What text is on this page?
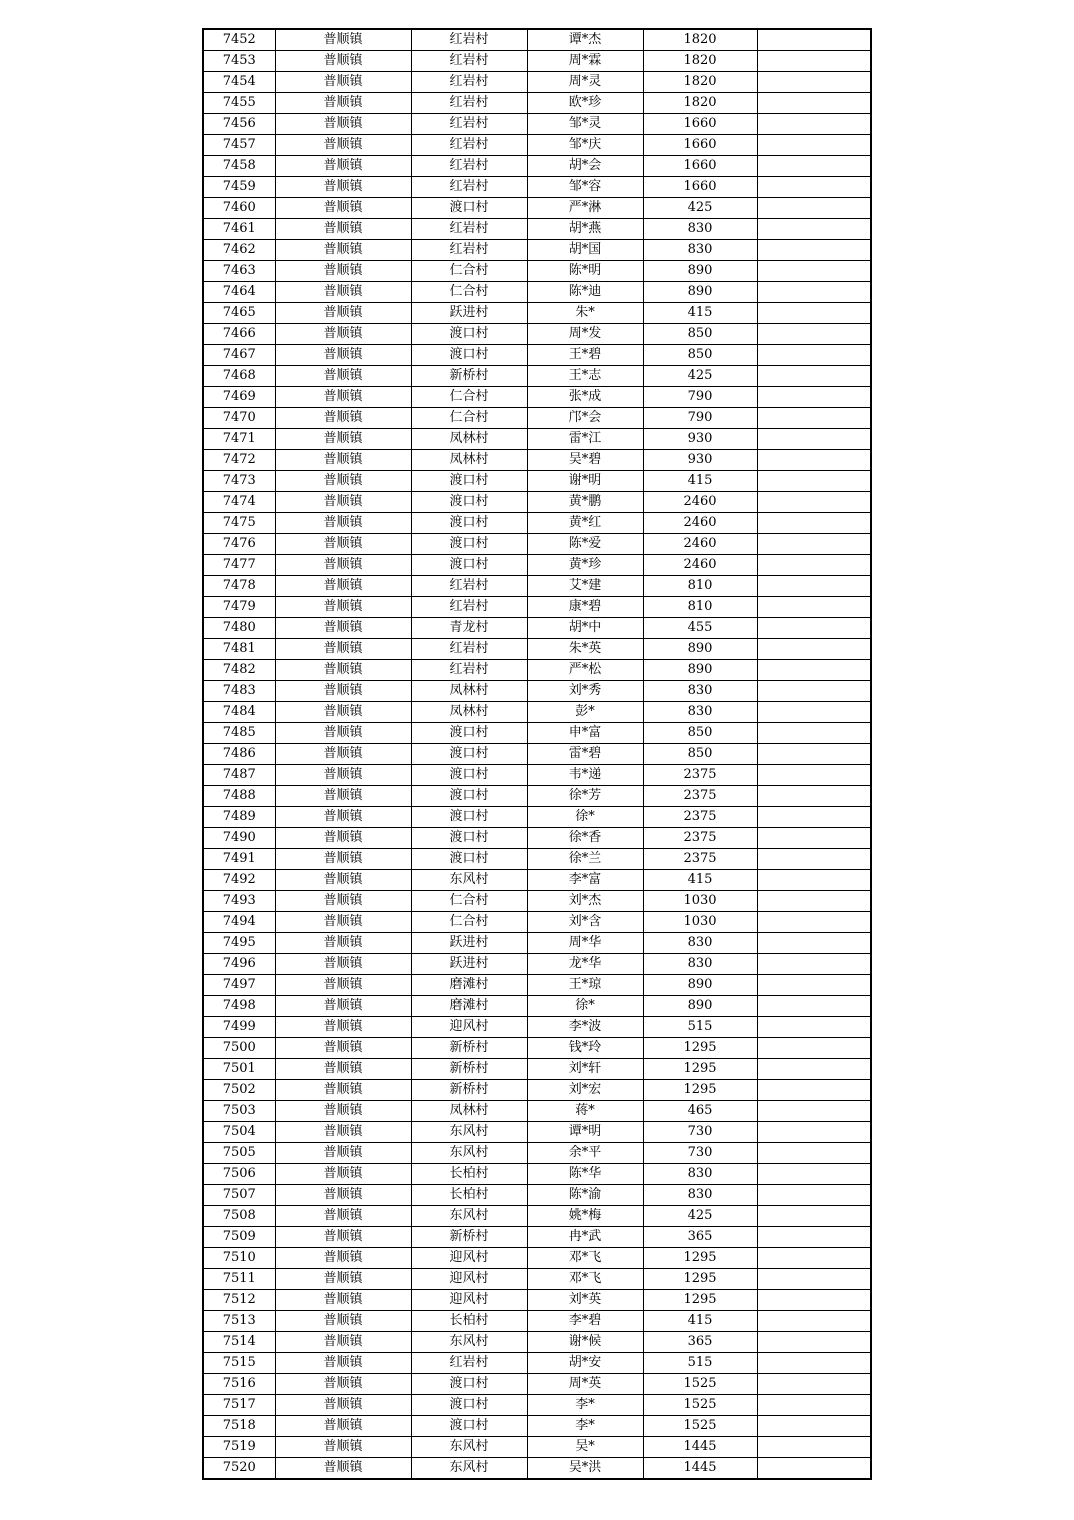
7452	普顺镇	红岩村	谭*杰	1820	
7453	普顺镇	红岩村	周*霖	1820	
7454	普顺镇	红岩村	周*灵	1820	
7455	普顺镇	红岩村	欧*珍	1820	
7456	普顺镇	红岩村	邹*灵	1660	
7457	普顺镇	红岩村	邹*庆	1660	
7458	普顺镇	红岩村	胡*会	1660	
7459	普顺镇	红岩村	邹*容	1660	
7460	普顺镇	渡口村	严*淋	425	
7461	普顺镇	红岩村	胡*燕	830	
7462	普顺镇	红岩村	胡*国	830	
7463	普顺镇	仁合村	陈*明	890	
7464	普顺镇	仁合村	陈*迪	890	
7465	普顺镇	跃进村	朱*	415	
7466	普顺镇	渡口村	周*发	850	
7467	普顺镇	渡口村	王*碧	850	
7468	普顺镇	新桥村	王*志	425	
7469	普顺镇	仁合村	张*成	790	
7470	普顺镇	仁合村	邝*会	790	
7471	普顺镇	凤林村	雷*江	930	
7472	普顺镇	凤林村	吴*碧	930	
7473	普顺镇	渡口村	谢*明	415	
7474	普顺镇	渡口村	黄*鹏	2460	
7475	普顺镇	渡口村	黄*红	2460	
7476	普顺镇	渡口村	陈*爱	2460	
7477	普顺镇	渡口村	黄*珍	2460	
7478	普顺镇	红岩村	艾*建	810	
7479	普顺镇	红岩村	康*碧	810	
7480	普顺镇	青龙村	胡*中	455	
7481	普顺镇	红岩村	朱*英	890	
7482	普顺镇	红岩村	严*松	890	
7483	普顺镇	凤林村	刘*秀	830	
7484	普顺镇	凤林村	彭*	830	
7485	普顺镇	渡口村	申*富	850	
7486	普顺镇	渡口村	雷*碧	850	
7487	普顺镇	渡口村	韦*递	2375	
7488	普顺镇	渡口村	徐*芳	2375	
7489	普顺镇	渡口村	徐*	2375	
7490	普顺镇	渡口村	徐*香	2375	
7491	普顺镇	渡口村	徐*兰	2375	
7492	普顺镇	东风村	李*富	415	
7493	普顺镇	仁合村	刘*杰	1030	
7494	普顺镇	仁合村	刘*含	1030	
7495	普顺镇	跃进村	周*华	830	
7496	普顺镇	跃进村	龙*华	830	
7497	普顺镇	磨滩村	王*琼	890	
7498	普顺镇	磨滩村	徐*	890	
7499	普顺镇	迎风村	李*波	515	
7500	普顺镇	新桥村	钱*玲	1295	
7501	普顺镇	新桥村	刘*轩	1295	
7502	普顺镇	新桥村	刘*宏	1295	
7503	普顺镇	凤林村	蒋*	465	
7504	普顺镇	东风村	谭*明	730	
7505	普顺镇	东风村	余*平	730	
7506	普顺镇	长柏村	陈*华	830	
7507	普顺镇	长柏村	陈*渝	830	
7508	普顺镇	东风村	姚*梅	425	
7509	普顺镇	新桥村	冉*武	365	
7510	普顺镇	迎风村	邓*飞	1295	
7511	普顺镇	迎风村	邓*飞	1295	
7512	普顺镇	迎风村	刘*英	1295	
7513	普顺镇	长柏村	李*碧	415	
7514	普顺镇	东风村	谢*候	365	
7515	普顺镇	红岩村	胡*安	515	
7516	普顺镇	渡口村	周*英	1525	
7517	普顺镇	渡口村	李*	1525	
7518	普顺镇	渡口村	李*	1525	
7519	普顺镇	东风村	吴*	1445	
7520	普顺镇	东风村	吴*洪	1445	
